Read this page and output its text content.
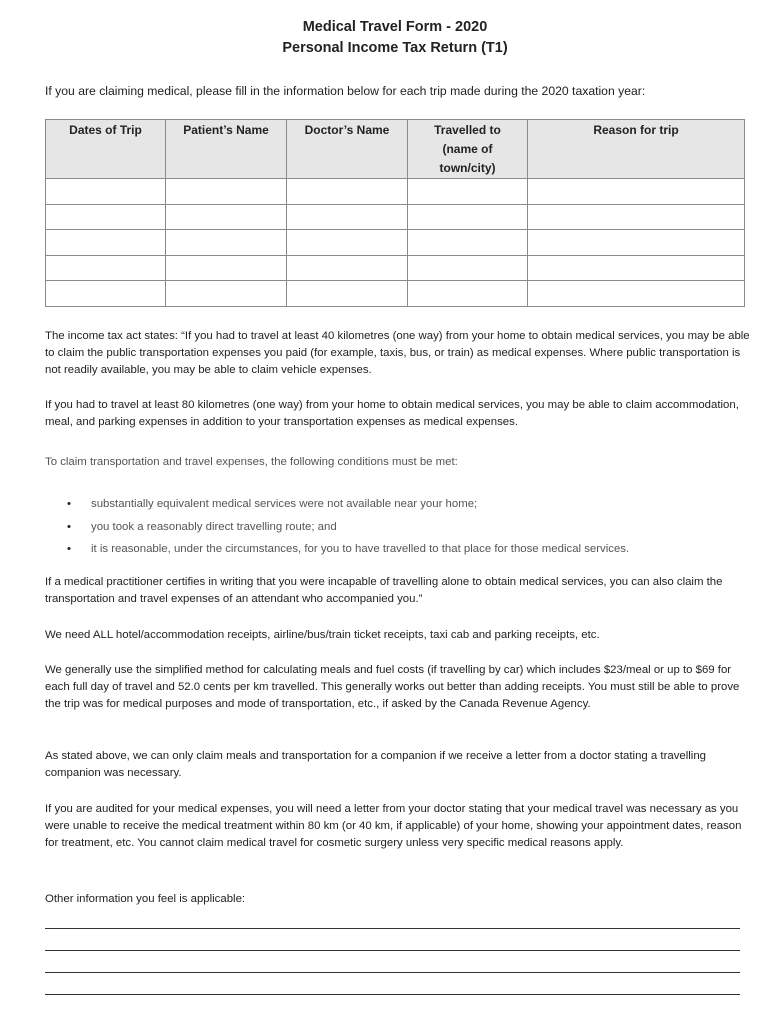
Medical Travel Form - 2020
Personal Income Tax Return (T1)
If you are claiming medical, please fill in the information below for each trip made during the 2020 taxation year:
Dates of Trip	Patient’s Name	Doctor’s Name	Travelled to (name of town/city)	Reason for trip

The income tax act states: “If you had to travel at least 40 kilometres (one way) from your home to obtain medical services, you may be able to claim the public transportation expenses you paid (for example, taxis, bus, or train) as medical expenses. Where public transportation is not readily available, you may be able to claim vehicle expenses.
If you had to travel at least 80 kilometres (one way) from your home to obtain medical services, you may be able to claim accommodation, meal, and parking expenses in addition to your transportation expenses as medical expenses.
To claim transportation and travel expenses, the following conditions must be met:
• substantially equivalent medical services were not available near your home;
• you took a reasonably direct travelling route; and
• it is reasonable, under the circumstances, for you to have travelled to that place for those medical services.
If a medical practitioner certifies in writing that you were incapable of travelling alone to obtain medical services, you can also claim the transportation and travel expenses of an attendant who accompanied you.”
We need ALL hotel/accommodation receipts, airline/bus/train ticket receipts, taxi cab and parking receipts, etc.
We generally use the simplified method for calculating meals and fuel costs (if travelling by car) which includes $23/meal or up to $69 for each full day of travel and 52.0 cents per km travelled. This generally works out better than adding receipts. You must still be able to prove the trip was for medical purposes and mode of transportation, etc., if asked by the Canada Revenue Agency.
As stated above, we can only claim meals and transportation for a companion if we receive a letter from a doctor stating a travelling companion was necessary.
If you are audited for your medical expenses, you will need a letter from your doctor stating that your medical travel was necessary as you were unable to receive the medical treatment within 80 km (or 40 km, if applicable) of your home, showing your appointment dates, reason for treatment, etc. You cannot claim medical travel for cosmetic surgery unless very specific medical reasons apply.
Other information you feel is applicable:
